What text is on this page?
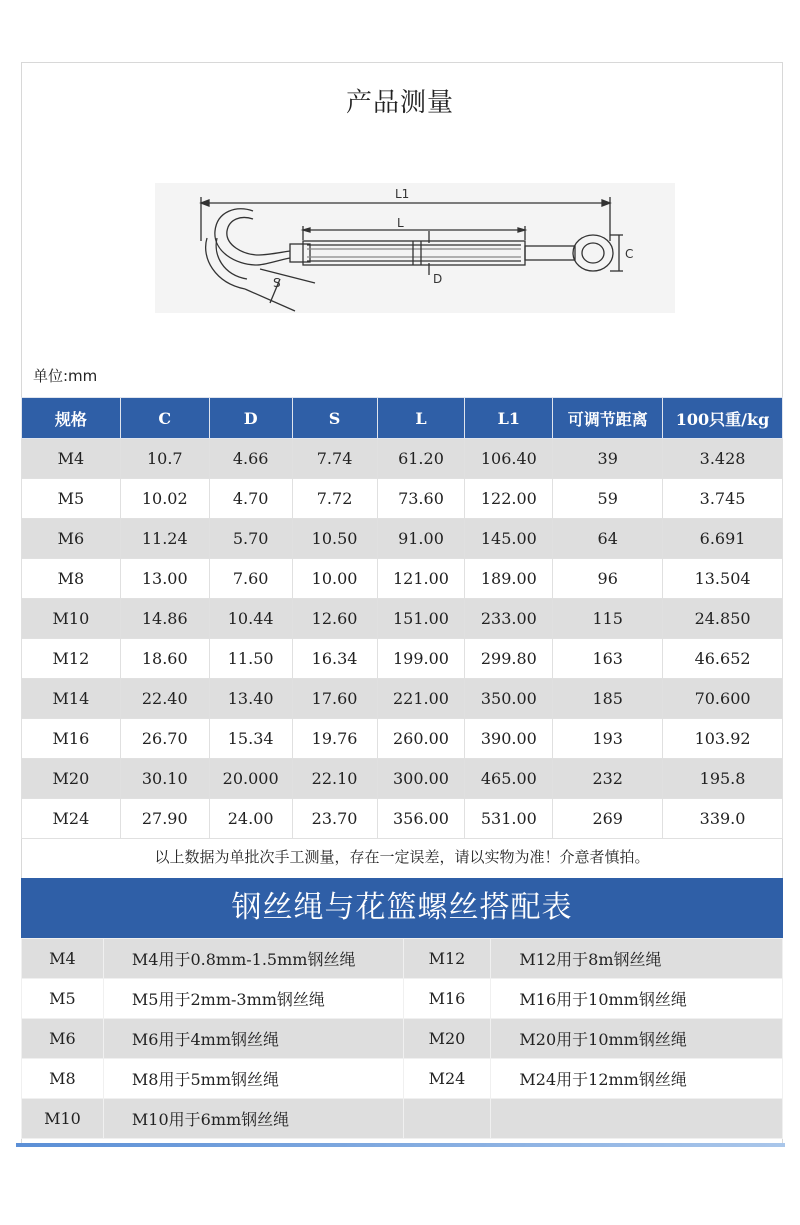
产品测量
L1
L
C
D
S
单位:mm
规格	C	D	S	L	L1	可调节距离	100只重/kg
M4	10.7	4.66	7.74	61.20	106.40	39	3.428
M5	10.02	4.70	7.72	73.60	122.00	59	3.745
M6	11.24	5.70	10.50	91.00	145.00	64	6.691
M8	13.00	7.60	10.00	121.00	189.00	96	13.504
M10	14.86	10.44	12.60	151.00	233.00	115	24.850
M12	18.60	11.50	16.34	199.00	299.80	163	46.652
M14	22.40	13.40	17.60	221.00	350.00	185	70.600
M16	26.70	15.34	19.76	260.00	390.00	193	103.92
M20	30.10	20.000	22.10	300.00	465.00	232	195.8
M24	27.90	24.00	23.70	356.00	531.00	269	339.0
以上数据为单批次手工测量，存在一定误差，请以实物为准！介意者慎拍。
钢丝绳与花篮螺丝搭配表
M4	M4用于0.8mm-1.5mm钢丝绳	M12	M12用于8m钢丝绳
M5	M5用于2mm-3mm钢丝绳	M16	M16用于10mm钢丝绳
M6	M6用于4mm钢丝绳	M20	M20用于10mm钢丝绳
M8	M8用于5mm钢丝绳	M24	M24用于12mm钢丝绳
M10	M10用于6mm钢丝绳		
